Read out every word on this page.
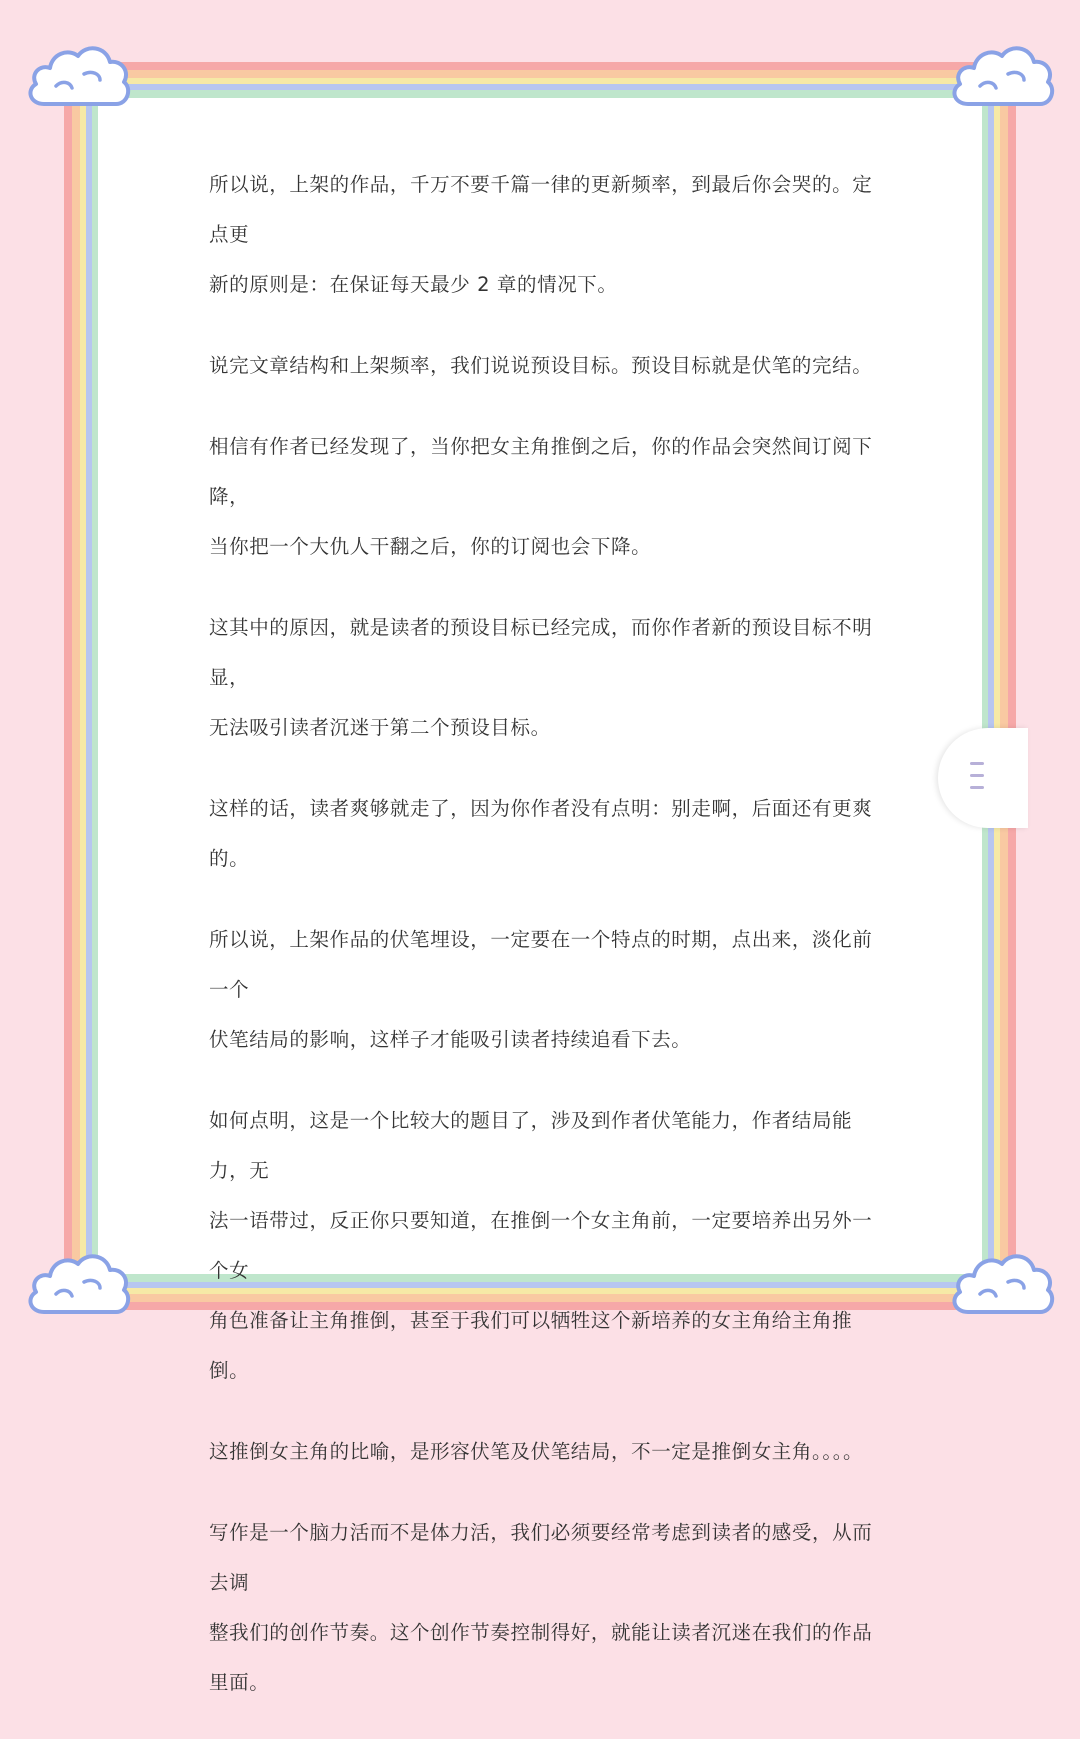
所以说，上架的作品，千万不要千篇一律的更新频率，到最后你会哭的。定点更
新的原则是：在保证每天最少 2 章的情况下。

说完文章结构和上架频率，我们说说预设目标。预设目标就是伏笔的完结。

相信有作者已经发现了，当你把女主角推倒之后，你的作品会突然间订阅下降，
当你把一个大仇人干翻之后，你的订阅也会下降。

这其中的原因，就是读者的预设目标已经完成，而你作者新的预设目标不明显，
无法吸引读者沉迷于第二个预设目标。

这样的话，读者爽够就走了，因为你作者没有点明：别走啊，后面还有更爽的。

所以说，上架作品的伏笔埋设，一定要在一个特点的时期，点出来，淡化前一个
伏笔结局的影响，这样子才能吸引读者持续追看下去。

如何点明，这是一个比较大的题目了，涉及到作者伏笔能力，作者结局能力，无
法一语带过，反正你只要知道，在推倒一个女主角前，一定要培养出另外一个女
角色准备让主角推倒，甚至于我们可以牺牲这个新培养的女主角给主角推倒。

这推倒女主角的比喻，是形容伏笔及伏笔结局，不一定是推倒女主角。。。。

写作是一个脑力活而不是体力活，我们必须要经常考虑到读者的感受，从而去调
整我们的创作节奏。这个创作节奏控制得好，就能让读者沉迷在我们的作品里面。
